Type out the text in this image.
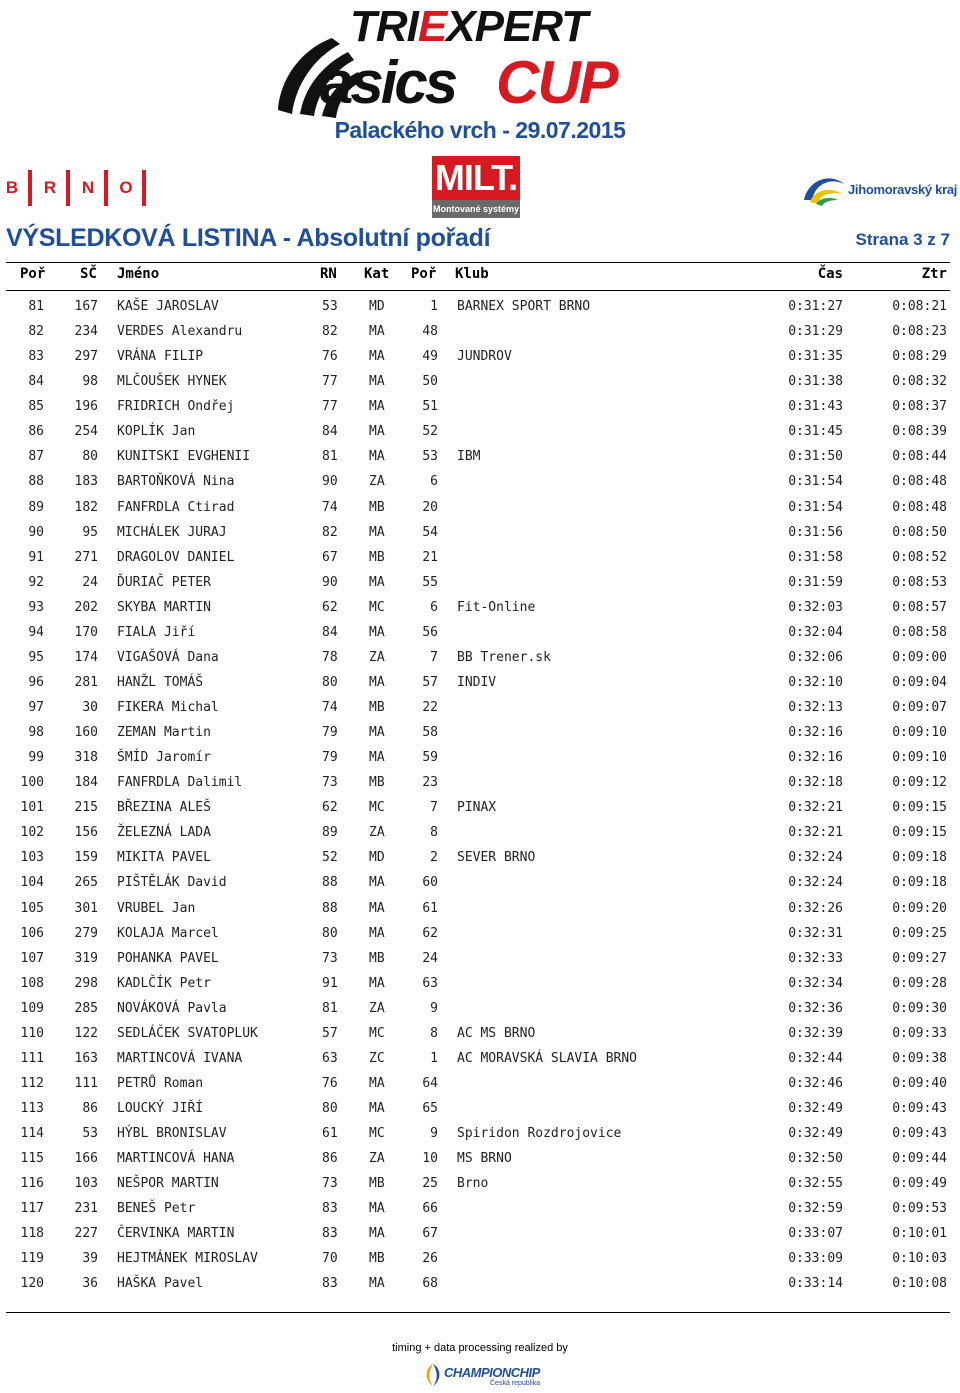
TRIEXPERT
asics CUP
Palackého vrch - 29.07.2015
B R N O	MILT.
Montované systémy
Jihomoravský kraj
VÝSLEDKOVÁ LISTINA - Absolutní pořadí	Strana 3 z 7
Poř SČ Jméno	RN Kat Poř Klub	Čas	Ztr
81 167 KAŠE JAROSLAV	53 MD	1 BARNEX SPORT BRNO	0:31:27	0:08:21
82 234 VERDES Alexandru	82 MA	48	0:31:29	0:08:23
83 297 VRÁNA FILIP	76 MA	49 JUNDROV	0:31:35	0:08:29
84	98 MLČOUŠEK HYNEK	77 MA	50	0:31:38	0:08:32
85 196 FRIDRICH Ondřej	77 MA	51	0:31:43	0:08:37
86 254 KOPLÍK Jan	84 MA	52	0:31:45	0:08:39
87	80 KUNITSKI EVGHENII	81 MA	53 IBM	0:31:50	0:08:44
88 183 BARTOŇKOVÁ Nina	90 ZA	6	0:31:54	0:08:48
89 182 FANFRDLA Ctirad	74 MB	20	0:31:54	0:08:48
90	95 MICHÁLEK JURAJ	82 MA	54	0:31:56	0:08:50
91 271 DRAGOLOV DANIEL	67 MB	21	0:31:58	0:08:52
92	24 ĎURIAČ PETER	90 MA	55	0:31:59	0:08:53
93 202 SKYBA MARTIN	62 MC	6 Fit-Online	0:32:03	0:08:57
94 170 FIALA Jiří	84 MA	56	0:32:04	0:08:58
95 174 VIGAŠOVÁ Dana	78 ZA	7 BB Trener.sk	0:32:06	0:09:00
96 281 HANŽL TOMÁŠ	80 MA	57 INDIV	0:32:10	0:09:04
97	30 FIKERA Michal	74 MB	22	0:32:13	0:09:07
98 160 ZEMAN Martin	79 MA	58	0:32:16	0:09:10
99 318 ŠMÍD Jaromír	79 MA	59	0:32:16	0:09:10
100 184 FANFRDLA Dalimil	73 MB	23	0:32:18	0:09:12
101 215 BŘEZINA ALEŠ	62 MC	7 PINAX	0:32:21	0:09:15
102 156 ŽELEZNÁ LADA	89 ZA	8	0:32:21	0:09:15
103 159 MIKITA PAVEL	52 MD	2 SEVER BRNO	0:32:24	0:09:18
104 265 PIŠTĚLÁK David	88 MA	60	0:32:24	0:09:18
105 301 VRUBEL Jan	88 MA	61	0:32:26	0:09:20
106 279 KOLAJA Marcel	80 MA	62	0:32:31	0:09:25
107 319 POHANKA PAVEL	73 MB	24	0:32:33	0:09:27
108 298 KADLČÍK Petr	91 MA	63	0:32:34	0:09:28
109 285 NOVÁKOVÁ Pavla	81 ZA	9	0:32:36	0:09:30
110 122 SEDLÁČEK SVATOPLUK	57 MC	8 AC MS BRNO	0:32:39	0:09:33
111 163 MARTINCOVÁ IVANA	63 ZC	1 AC MORAVSKÁ SLAVIA BRNO	0:32:44	0:09:38
112 111 PETRŮ Roman	76 MA	64	0:32:46	0:09:40
113	86 LOUCKÝ JIŘÍ	80 MA	65	0:32:49	0:09:43
114	53 HÝBL BRONISLAV	61 MC	9 Spiridon Rozdrojovice	0:32:49	0:09:43
115 166 MARTINCOVÁ HANA	86 ZA	10 MS BRNO	0:32:50	0:09:44
116 103 NEŠPOR MARTIN	73 MB	25 Brno	0:32:55	0:09:49
117 231 BENEŠ Petr	83 MA	66	0:32:59	0:09:53
118 227 ČERVINKA MARTIN	83 MA	67	0:33:07	0:10:01
119	39 HEJTMÁNEK MIROSLAV	70 MB	26	0:33:09	0:10:03
120	36 HAŠKA Pavel	83 MA	68	0:33:14	0:10:08
timing + data processing realized by
CHAMPIONCHIP
Česká republika
